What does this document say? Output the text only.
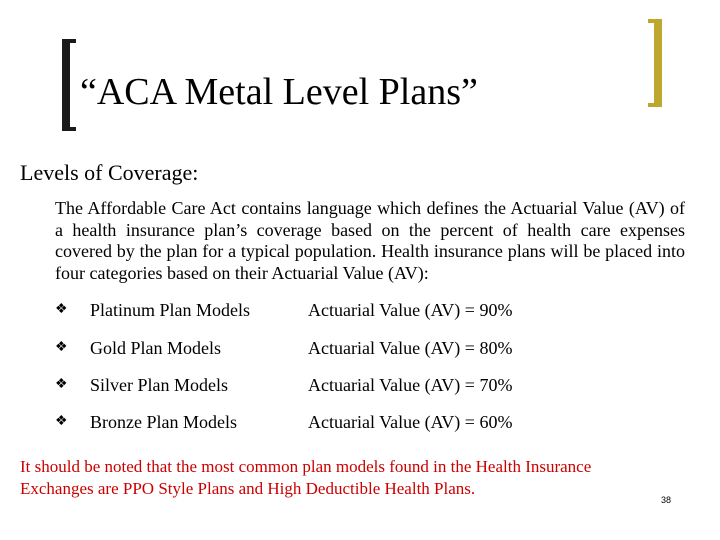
“ACA Metal Level Plans”
Levels of Coverage:
The Affordable Care Act contains language which defines the Actuarial Value (AV) of a health insurance plan’s coverage based on the percent of health care expenses covered by the plan for a typical population. Health insurance plans will be placed into four categories based on their Actuarial Value (AV):
❖ Platinum Plan Models	Actuarial Value (AV) = 90%
❖ Gold Plan Models	Actuarial Value (AV) = 80%
❖ Silver Plan Models	Actuarial Value (AV) = 70%
❖ Bronze Plan Models	Actuarial Value (AV) = 60%
It should be noted that the most common plan models found in the Health Insurance Exchanges are PPO Style Plans and High Deductible Health Plans.
38
